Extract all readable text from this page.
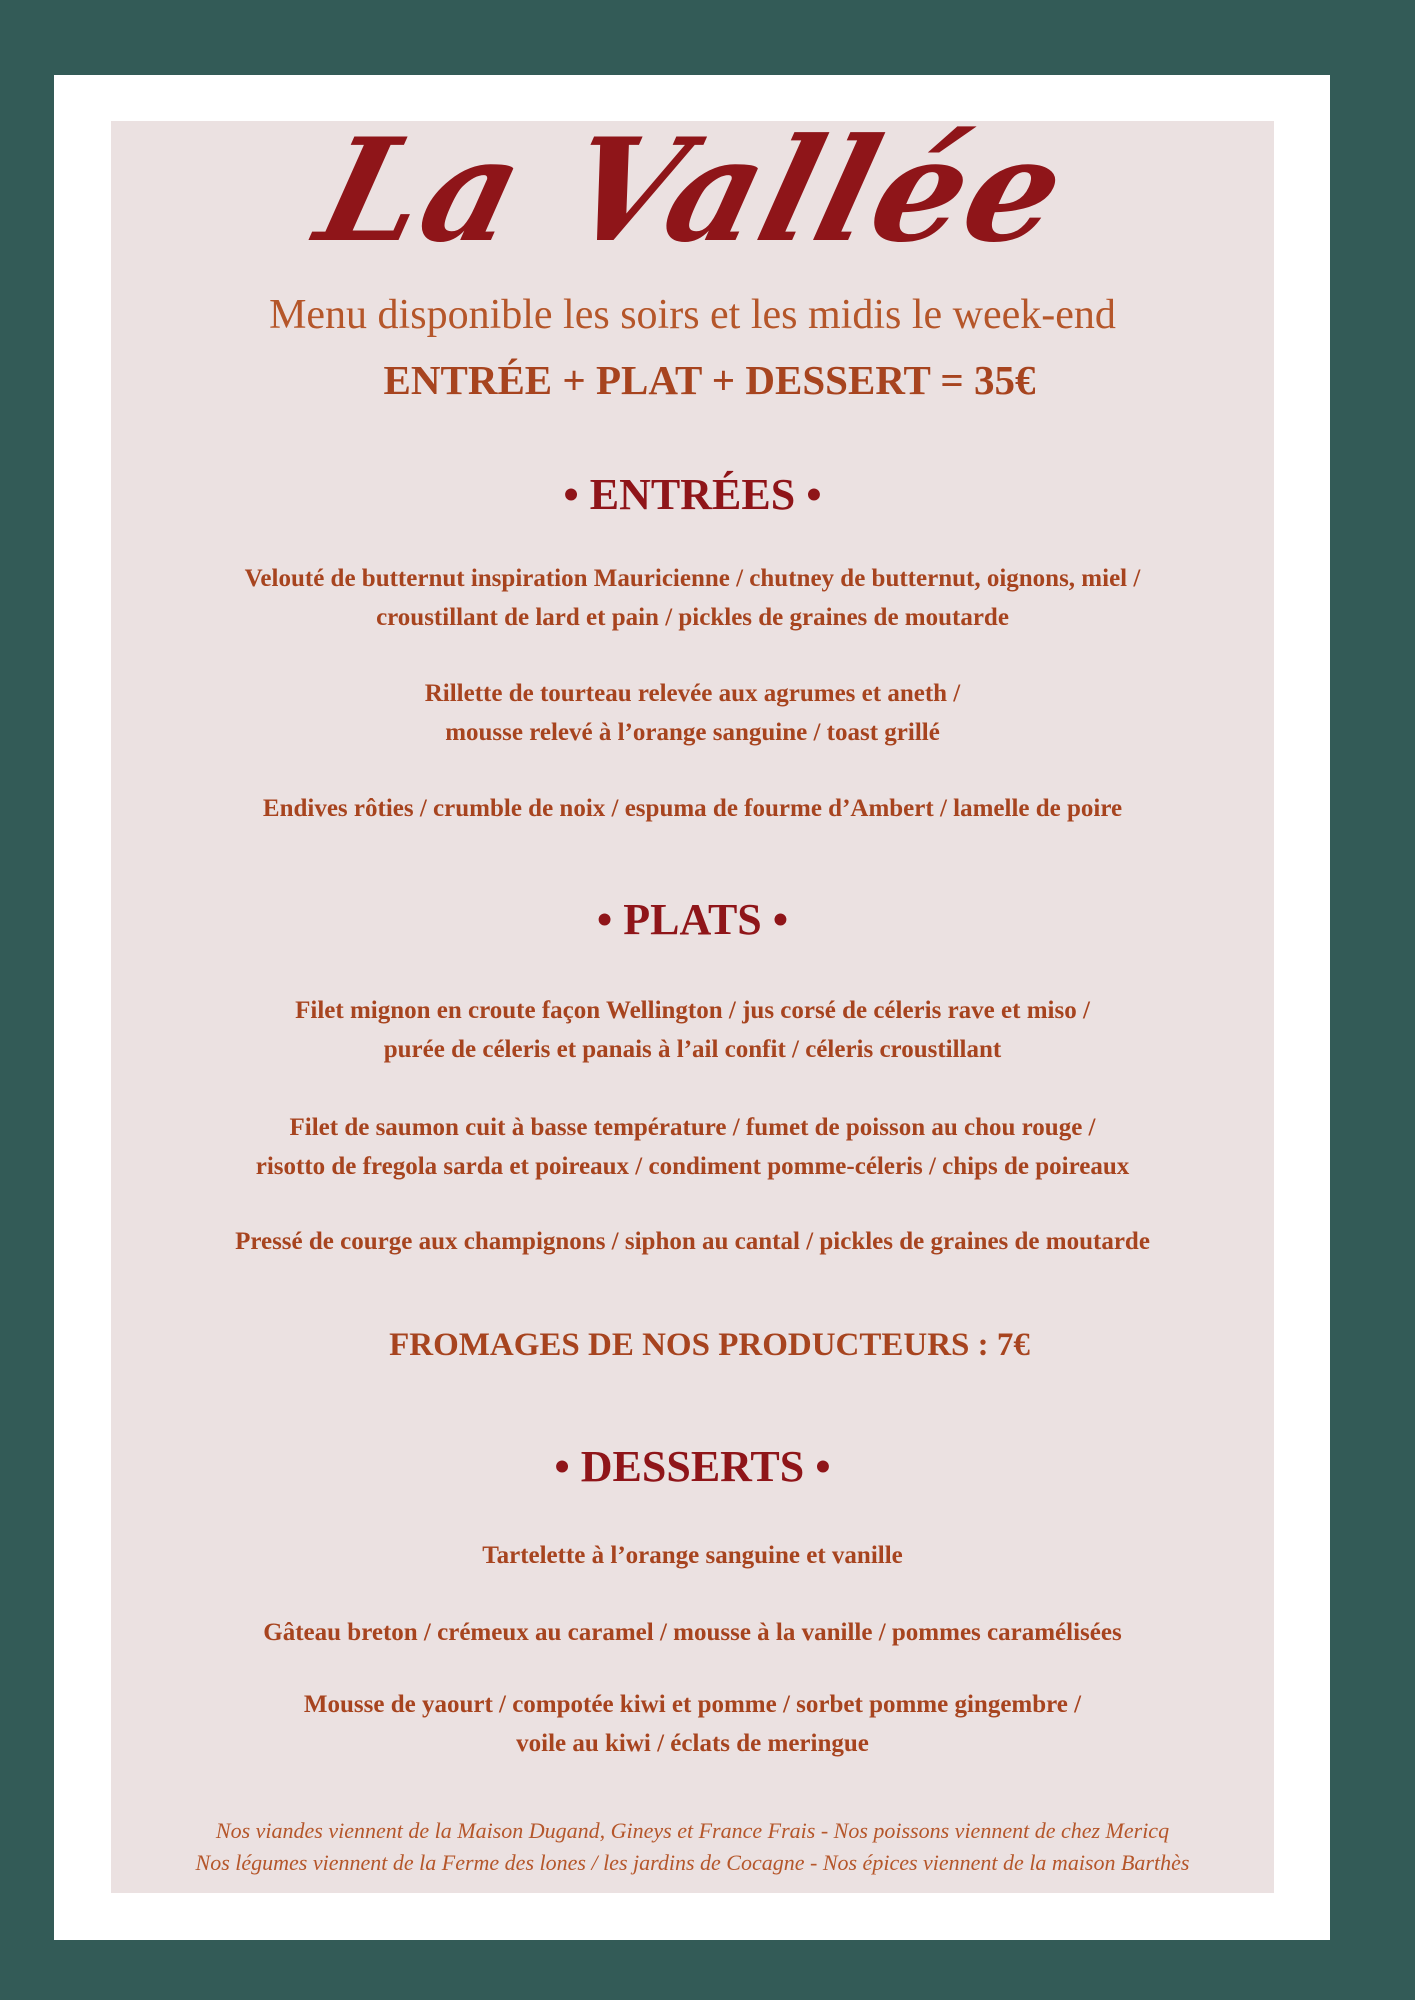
La Vallée

Menu disponible les soirs et les midis le week-end

ENTRÉE + PLAT + DESSERT = 35€

• ENTRÉES •
Velouté de butternut inspiration Mauricienne / chutney de butternut, oignons, miel /
croustillant de lard et pain / pickles de graines de moutarde
Rillette de tourteau relevée aux agrumes et aneth /
mousse relevé à l’orange sanguine / toast grillé
Endives rôties / crumble de noix / espuma de fourme d’Ambert / lamelle de poire
• PLATS •
Filet mignon en croute façon Wellington / jus corsé de céleris rave et miso /
purée de céleris et panais à l’ail confit / céleris croustillant
Filet de saumon cuit à basse température / fumet de poisson au chou rouge /
risotto de fregola sarda et poireaux / condiment pomme-céleris / chips de poireaux
Pressé de courge aux champignons / siphon au cantal / pickles de graines de moutarde

FROMAGES DE NOS PRODUCTEURS : 7€

• DESSERTS •
Tartelette à l’orange sanguine et vanille
Gâteau breton / crémeux au caramel / mousse à la vanille / pommes caramélisées
Mousse de yaourt / compotée kiwi et pomme / sorbet pomme gingembre /
voile au kiwi / éclats de meringue
Nos viandes viennent de la Maison Dugand, Gineys et France Frais - Nos poissons viennent de chez Mericq
Nos légumes viennent de la Ferme des lones / les jardins de Cocagne - Nos épices viennent de la maison Barthès
